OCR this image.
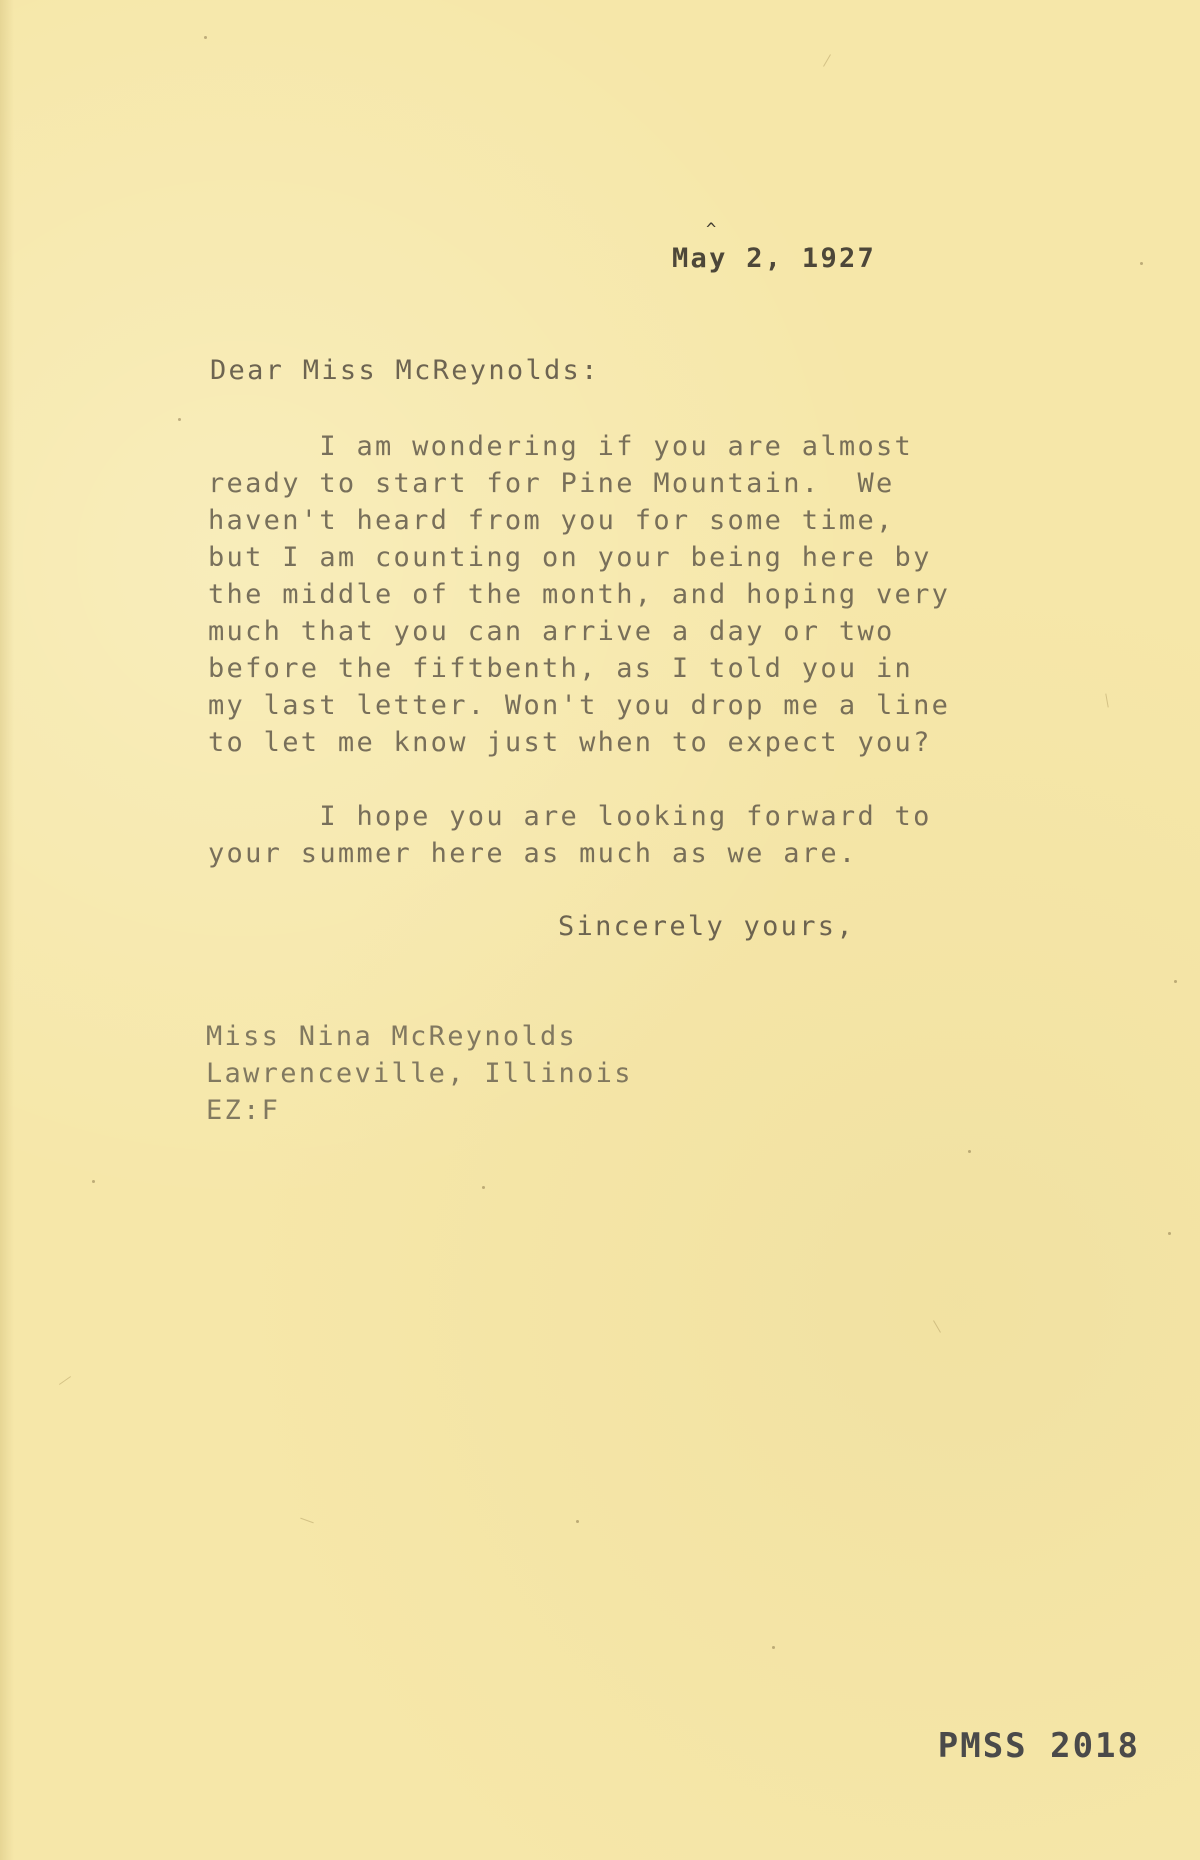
^
May 2, 1927
Dear Miss McReynolds:
I am wondering if you are almost
ready to start for Pine Mountain.  We
haven't heard from you for some time,
but I am counting on your being here by
the middle of the month, and hoping very
much that you can arrive a day or two
before the fiftbenth, as I told you in
my last letter. Won't you drop me a line
to let me know just when to expect you?
I hope you are looking forward to
your summer here as much as we are.
Sincerely yours,
Miss Nina McReynolds
Lawrenceville, Illinois
EZ:F
PMSS 2018
